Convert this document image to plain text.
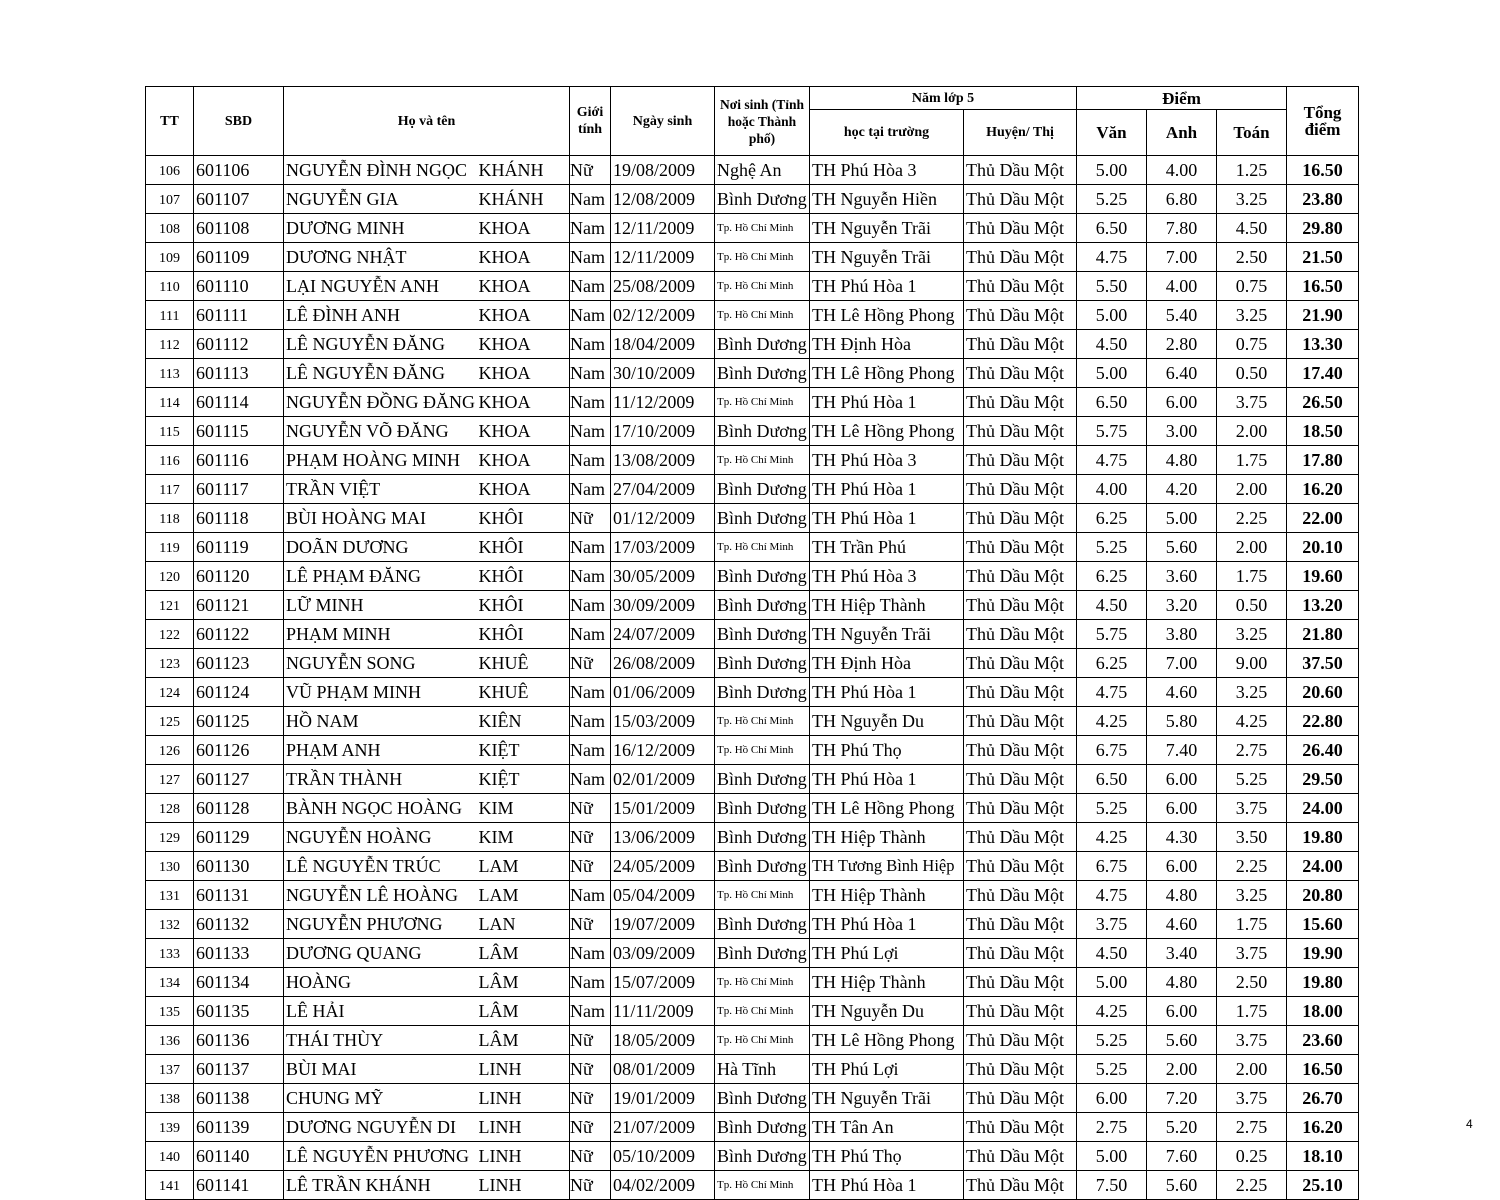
TT	SBD	Họ và tên		Giới tính	Ngày sinh	Nơi sinh (Tỉnh hoặc Thành phố)	Năm lớp 5		Điểm			Tổng điểm
							học tại trường	Huyện/ Thị	Văn	Anh	Toán	
106	601106	NGUYỄN ĐÌNH NGỌC	KHÁNH	Nữ	19/08/2009	Nghệ An	TH Phú Hòa 3	Thủ Dầu Một	5.00	4.00	1.25	16.50
107	601107	NGUYỄN GIA	KHÁNH	Nam	12/08/2009	Bình Dương	TH Nguyễn Hiền	Thủ Dầu Một	5.25	6.80	3.25	23.80
108	601108	DƯƠNG MINH	KHOA	Nam	12/11/2009	Tp. Hồ Chí Minh	TH Nguyễn Trãi	Thủ Dầu Một	6.50	7.80	4.50	29.80
109	601109	DƯƠNG NHẬT	KHOA	Nam	12/11/2009	Tp. Hồ Chí Minh	TH Nguyễn Trãi	Thủ Dầu Một	4.75	7.00	2.50	21.50
110	601110	LẠI NGUYỄN ANH	KHOA	Nam	25/08/2009	Tp. Hồ Chí Minh	TH Phú Hòa 1	Thủ Dầu Một	5.50	4.00	0.75	16.50
111	601111	LÊ ĐÌNH ANH	KHOA	Nam	02/12/2009	Tp. Hồ Chí Minh	TH Lê Hồng Phong	Thủ Dầu Một	5.00	5.40	3.25	21.90
112	601112	LÊ NGUYỄN ĐĂNG	KHOA	Nam	18/04/2009	Bình Dương	TH Định Hòa	Thủ Dầu Một	4.50	2.80	0.75	13.30
113	601113	LÊ NGUYỄN ĐĂNG	KHOA	Nam	30/10/2009	Bình Dương	TH Lê Hồng Phong	Thủ Dầu Một	5.00	6.40	0.50	17.40
114	601114	NGUYỄN ĐỒNG ĐĂNG	KHOA	Nam	11/12/2009	Tp. Hồ Chí Minh	TH Phú Hòa 1	Thủ Dầu Một	6.50	6.00	3.75	26.50
115	601115	NGUYỄN VÕ ĐĂNG	KHOA	Nam	17/10/2009	Bình Dương	TH Lê Hồng Phong	Thủ Dầu Một	5.75	3.00	2.00	18.50
116	601116	PHẠM HOÀNG MINH	KHOA	Nam	13/08/2009	Tp. Hồ Chí Minh	TH Phú Hòa 3	Thủ Dầu Một	4.75	4.80	1.75	17.80
117	601117	TRẦN VIỆT	KHOA	Nam	27/04/2009	Bình Dương	TH Phú Hòa 1	Thủ Dầu Một	4.00	4.20	2.00	16.20
118	601118	BÙI HOÀNG MAI	KHÔI	Nữ	01/12/2009	Bình Dương	TH Phú Hòa 1	Thủ Dầu Một	6.25	5.00	2.25	22.00
119	601119	DOÃN DƯƠNG	KHÔI	Nam	17/03/2009	Tp. Hồ Chí Minh	TH Trần Phú	Thủ Dầu Một	5.25	5.60	2.00	20.10
120	601120	LÊ PHẠM ĐĂNG	KHÔI	Nam	30/05/2009	Bình Dương	TH Phú Hòa 3	Thủ Dầu Một	6.25	3.60	1.75	19.60
121	601121	LỮ MINH	KHÔI	Nam	30/09/2009	Bình Dương	TH Hiệp Thành	Thủ Dầu Một	4.50	3.20	0.50	13.20
122	601122	PHẠM MINH	KHÔI	Nam	24/07/2009	Bình Dương	TH Nguyễn Trãi	Thủ Dầu Một	5.75	3.80	3.25	21.80
123	601123	NGUYỄN SONG	KHUÊ	Nữ	26/08/2009	Bình Dương	TH Định Hòa	Thủ Dầu Một	6.25	7.00	9.00	37.50
124	601124	VŨ PHẠM MINH	KHUÊ	Nam	01/06/2009	Bình Dương	TH Phú Hòa 1	Thủ Dầu Một	4.75	4.60	3.25	20.60
125	601125	HỒ NAM	KIÊN	Nam	15/03/2009	Tp. Hồ Chí Minh	TH Nguyễn Du	Thủ Dầu Một	4.25	5.80	4.25	22.80
126	601126	PHẠM ANH	KIỆT	Nam	16/12/2009	Tp. Hồ Chí Minh	TH Phú Thọ	Thủ Dầu Một	6.75	7.40	2.75	26.40
127	601127	TRẦN THÀNH	KIỆT	Nam	02/01/2009	Bình Dương	TH Phú Hòa 1	Thủ Dầu Một	6.50	6.00	5.25	29.50
128	601128	BÀNH NGỌC HOÀNG	KIM	Nữ	15/01/2009	Bình Dương	TH Lê Hồng Phong	Thủ Dầu Một	5.25	6.00	3.75	24.00
129	601129	NGUYỄN HOÀNG	KIM	Nữ	13/06/2009	Bình Dương	TH Hiệp Thành	Thủ Dầu Một	4.25	4.30	3.50	19.80
130	601130	LÊ NGUYỄN TRÚC	LAM	Nữ	24/05/2009	Bình Dương	TH Tương Bình Hiệp	Thủ Dầu Một	6.75	6.00	2.25	24.00
131	601131	NGUYỄN LÊ HOÀNG	LAM	Nam	05/04/2009	Tp. Hồ Chí Minh	TH Hiệp Thành	Thủ Dầu Một	4.75	4.80	3.25	20.80
132	601132	NGUYỄN PHƯƠNG	LAN	Nữ	19/07/2009	Bình Dương	TH Phú Hòa 1	Thủ Dầu Một	3.75	4.60	1.75	15.60
133	601133	DƯƠNG QUANG	LÂM	Nam	03/09/2009	Bình Dương	TH Phú Lợi	Thủ Dầu Một	4.50	3.40	3.75	19.90
134	601134	HOÀNG	LÂM	Nam	15/07/2009	Tp. Hồ Chí Minh	TH Hiệp Thành	Thủ Dầu Một	5.00	4.80	2.50	19.80
135	601135	LÊ HẢI	LÂM	Nam	11/11/2009	Tp. Hồ Chí Minh	TH Nguyễn Du	Thủ Dầu Một	4.25	6.00	1.75	18.00
136	601136	THÁI THÙY	LÂM	Nữ	18/05/2009	Tp. Hồ Chí Minh	TH Lê Hồng Phong	Thủ Dầu Một	5.25	5.60	3.75	23.60
137	601137	BÙI MAI	LINH	Nữ	08/01/2009	Hà Tĩnh	TH Phú Lợi	Thủ Dầu Một	5.25	2.00	2.00	16.50
138	601138	CHUNG MỸ	LINH	Nữ	19/01/2009	Bình Dương	TH Nguyễn Trãi	Thủ Dầu Một	6.00	7.20	3.75	26.70
139	601139	DƯƠNG NGUYỄN DI	LINH	Nữ	21/07/2009	Bình Dương	TH Tân An	Thủ Dầu Một	2.75	5.20	2.75	16.20
140	601140	LÊ NGUYỄN PHƯƠNG	LINH	Nữ	05/10/2009	Bình Dương	TH Phú Thọ	Thủ Dầu Một	5.00	7.60	0.25	18.10
141	601141	LÊ TRẦN KHÁNH	LINH	Nữ	04/02/2009	Tp. Hồ Chí Minh	TH Phú Hòa 1	Thủ Dầu Một	7.50	5.60	2.25	25.10
4
